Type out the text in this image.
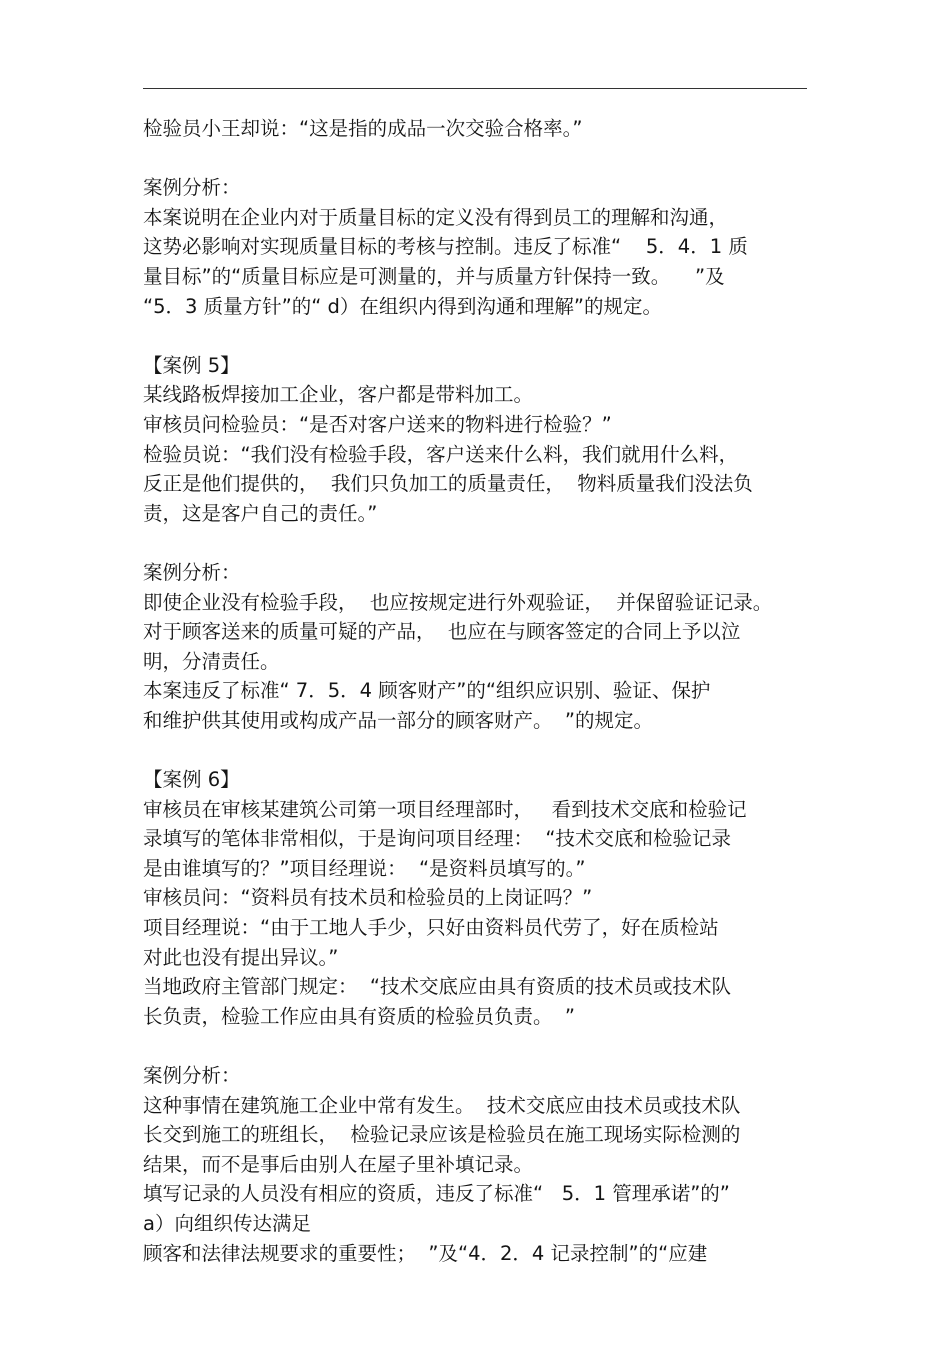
检验员小王却说：“这是指的成品一次交验合格率。”
案例分析：
本案说明在企业内对于质量目标的定义没有得到员工的理解和沟通，
这势必影响对实现质量目标的考核与控制。违反了标准“    5．4．1 质
量目标”的“质量目标应是可测量的，并与质量方针保持一致。    ”及
“5．3 质量方针”的“ d）在组织内得到沟通和理解”的规定。
【案例 5】
某线路板焊接加工企业，客户都是带料加工。
审核员问检验员：“是否对客户送来的物料进行检验？”
检验员说：“我们没有检验手段，客户送来什么料，我们就用什么料，
反正是他们提供的，  我们只负加工的质量责任，  物料质量我们没法负
责，这是客户自己的责任。”
案例分析：
即使企业没有检验手段，  也应按规定进行外观验证，  并保留验证记录。
对于顾客送来的质量可疑的产品，  也应在与顾客签定的合同上予以泣
明，分清责任。
本案违反了标准“ 7．5．4 顾客财产”的“组织应识别、验证、保护
和维护供其使用或构成产品一部分的顾客财产。  ”的规定。
【案例 6】
审核员在审核某建筑公司第一项目经理部时，   看到技术交底和检验记
录填写的笔体非常相似，于是询问项目经理：  “技术交底和检验记录
是由谁填写的？”项目经理说：  “是资料员填写的。”
审核员问：“资料员有技术员和检验员的上岗证吗？”
项目经理说：“由于工地人手少，只好由资料员代劳了，好在质检站
对此也没有提出异议。”
当地政府主管部门规定：  “技术交底应由具有资质的技术员或技术队
长负责，检验工作应由具有资质的检验员负责。  ”
案例分析：
这种事情在建筑施工企业中常有发生。  技术交底应由技术员或技术队
长交到施工的班组长，  检验记录应该是检验员在施工现场实际检测的
结果，而不是事后由别人在屋子里补填记录。
填写记录的人员没有相应的资质，违反了标准“   5．1 管理承诺”的”
a）向组织传达满足
顾客和法律法规要求的重要性；  ”及“4．2．4 记录控制”的“应建
